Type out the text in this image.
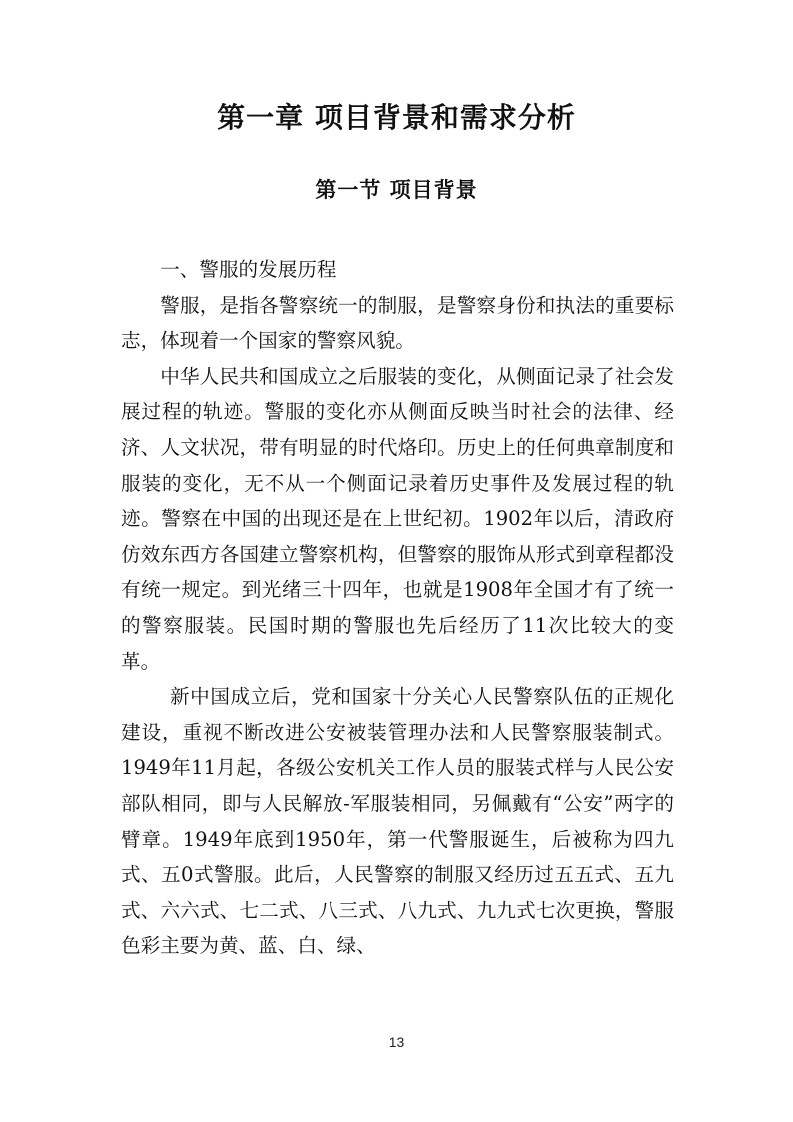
第一章 项目背景和需求分析
第一节 项目背景

一、警服的发展历程

警服，是指各警察统一的制服，是警察身份和执法的重要标志，体现着一个国家的警察风貌。

中华人民共和国成立之后服装的变化，从侧面记录了社会发展过程的轨迹。警服的变化亦从侧面反映当时社会的法律、经济、人文状况，带有明显的时代烙印。历史上的任何典章制度和服装的变化，无不从一个侧面记录着历史事件及发展过程的轨迹。警察在中国的出现还是在上世纪初。1902年以后，清政府仿效东西方各国建立警察机构，但警察的服饰从形式到章程都没有统一规定。到光绪三十四年，也就是1908年全国才有了统一的警察服装。民国时期的警服也先后经历了11次比较大的变革。

新中国成立后，党和国家十分关心人民警察队伍的正规化建设，重视不断改进公安被装管理办法和人民警察服装制式。1949年11月起，各级公安机关工作人员的服装式样与人民公安部队相同，即与人民解放-军服装相同，另佩戴有“公安”两字的臂章。1949年底到1950年，第一代警服诞生，后被称为四九式、五0式警服。此后，人民警察的制服又经历过五五式、五九式、六六式、七二式、八三式、八九式、九九式七次更换，警服色彩主要为黄、蓝、白、绿、

13
